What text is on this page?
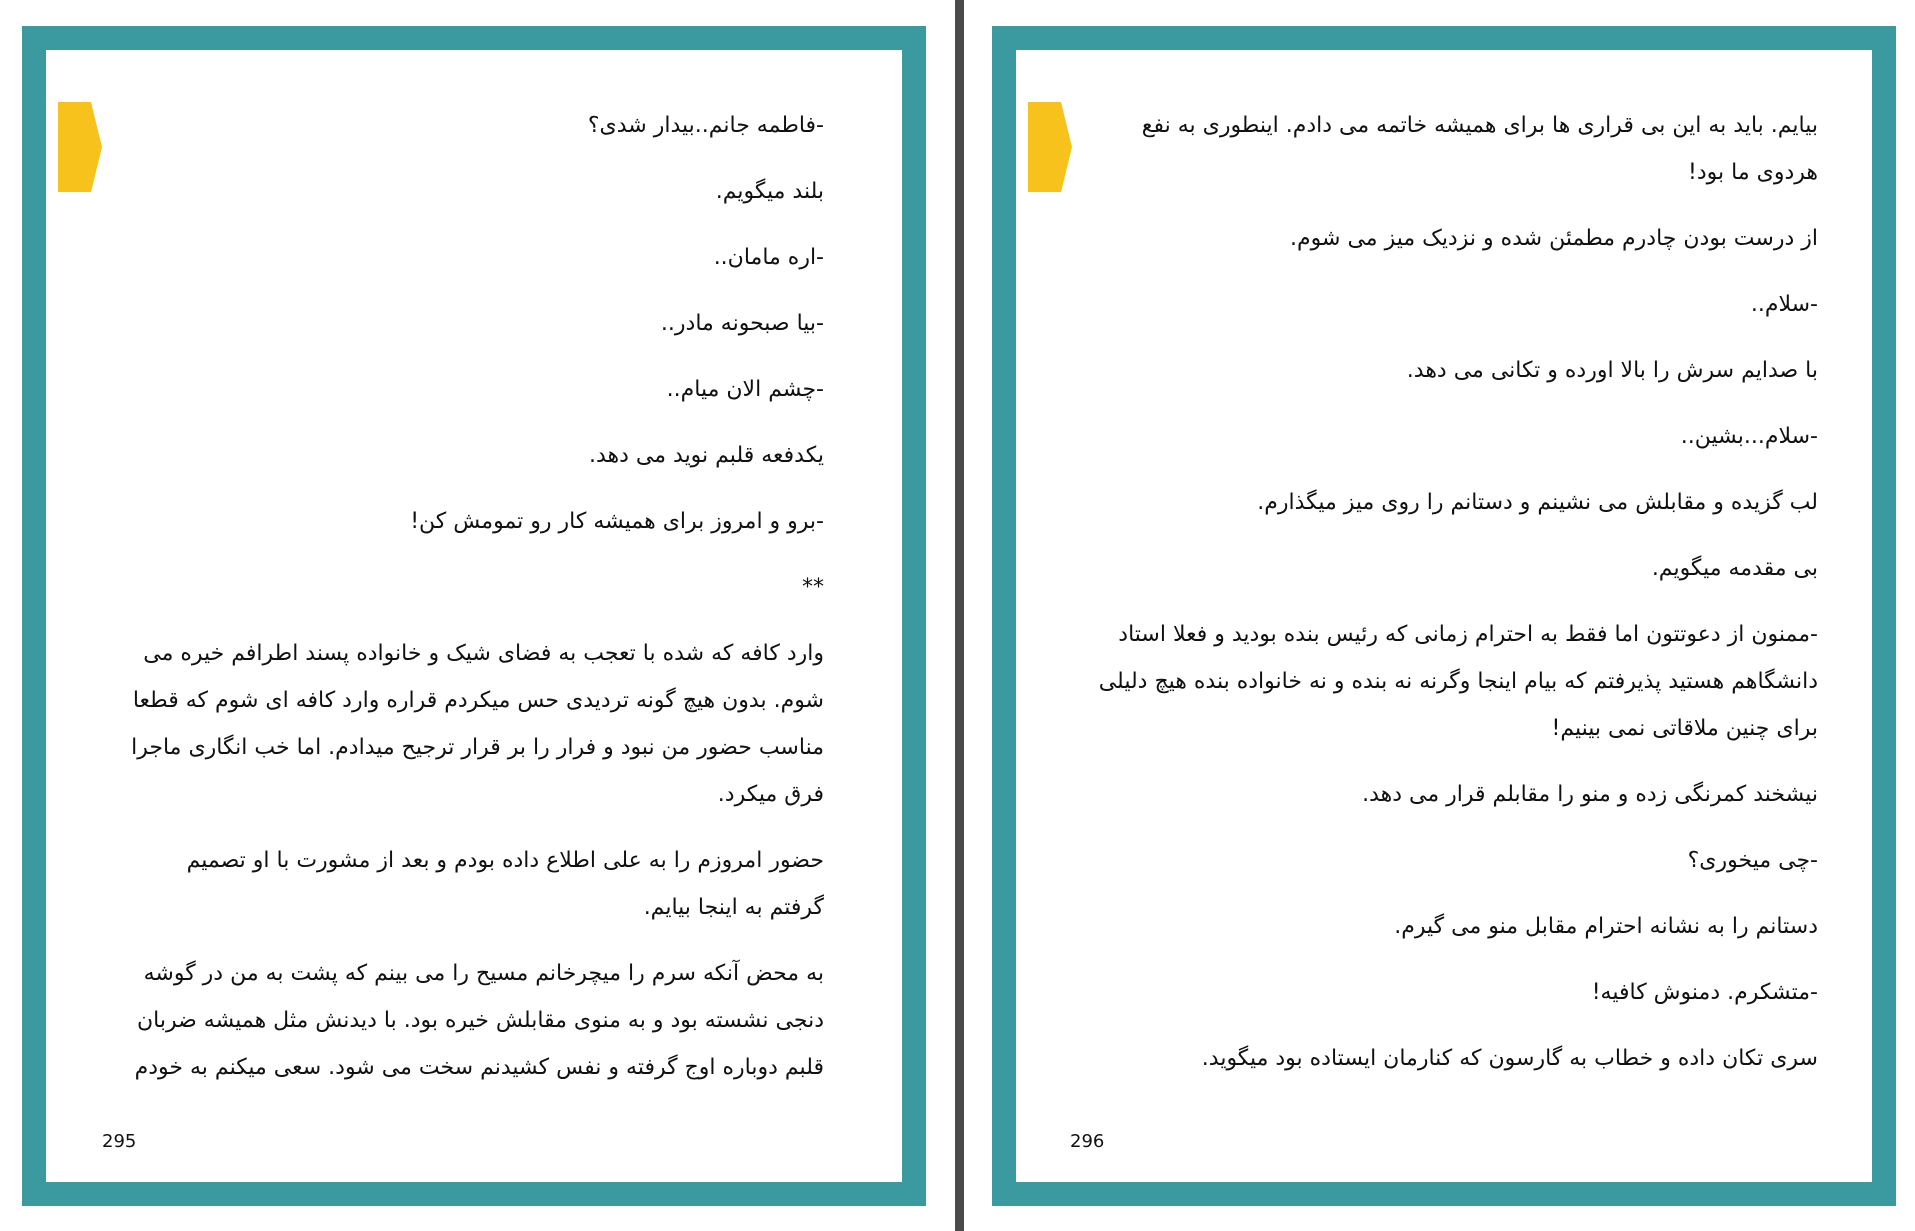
-فاطمه جانم..بیدار شدی؟

بلند میگویم.

-اره مامان..

-بیا صبحونه مادر..

-چشم الان میام..

یکدفعه قلبم نوید می دهد.

-برو و امروز برای همیشه کار رو تمومش کن!

**

وارد کافه که شده با تعجب به فضای شیک و خانواده پسند اطرافم خیره می شوم. بدون هیچ گونه تردیدی حس میکردم قراره وارد کافه ای شوم که قطعا مناسب حضور من نبود و فرار را بر قرار ترجیح میدادم. اما خب انگاری ماجرا فرق میکرد.

حضور امروزم را به علی اطلاع داده بودم و بعد از مشورت با او تصمیم گرفتم به اینجا بیایم.

به محض آنکه سرم را میچرخانم مسیح را می بینم که پشت به من در گوشه دنجی نشسته بود و به منوی مقابلش خیره بود. با دیدنش مثل همیشه ضربان قلبم دوباره اوج گرفته و نفس کشیدنم سخت می شود. سعی میکنم به خودم

295

بیایم. باید به این بی قراری ها برای همیشه خاتمه می دادم. اینطوری به نفع هردوی ما بود!

از درست بودن چادرم مطمئن شده و نزدیک میز می شوم.

-سلام..

با صدایم سرش را بالا اورده و تکانی می دهد.

-سلام...بشین..

لب گزیده و مقابلش می نشینم و دستانم را روی میز میگذارم.

بی مقدمه میگویم.

-ممنون از دعوتتون اما فقط به احترام زمانی که رئیس بنده بودید و فعلا استاد دانشگاهم هستید پذیرفتم که بیام اینجا وگرنه نه بنده و نه خانواده بنده هیچ دلیلی برای چنین ملاقاتی نمی بینیم!

نیشخند کمرنگی زده و منو را مقابلم قرار می دهد.

-چی میخوری؟

دستانم را به نشانه احترام مقابل منو می گیرم.

-متشکرم. دمنوش کافیه!

سری تکان داده و خطاب به گارسون که کنارمان ایستاده بود میگوید.

296
